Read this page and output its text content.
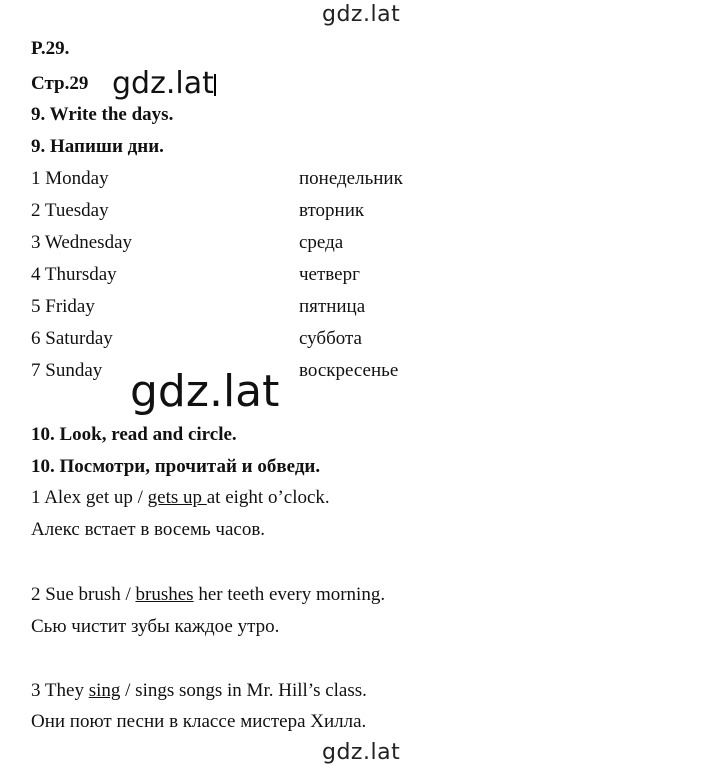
gdz.lat
P.29.
Стр.29 gdz.lat
9. Write the days.
9. Напиши дни.
1 Monday	понедельник
2 Tuesday	вторник
3 Wednesday	среда
4 Thursday	четверг
5 Friday	пятница
6 Saturday	суббота
7 Sunday	воскресенье
gdz.lat
10. Look, read and circle.
10. Посмотри, прочитай и обведи.
1 Alex get up / gets up at eight o’clock.
Алекс встает в восемь часов.
2 Sue brush / brushes her teeth every morning.
Сью чистит зубы каждое утро.
3 They sing / sings songs in Mr. Hill’s class.
Они поют песни в классе мистера Хилла.
gdz.lat
